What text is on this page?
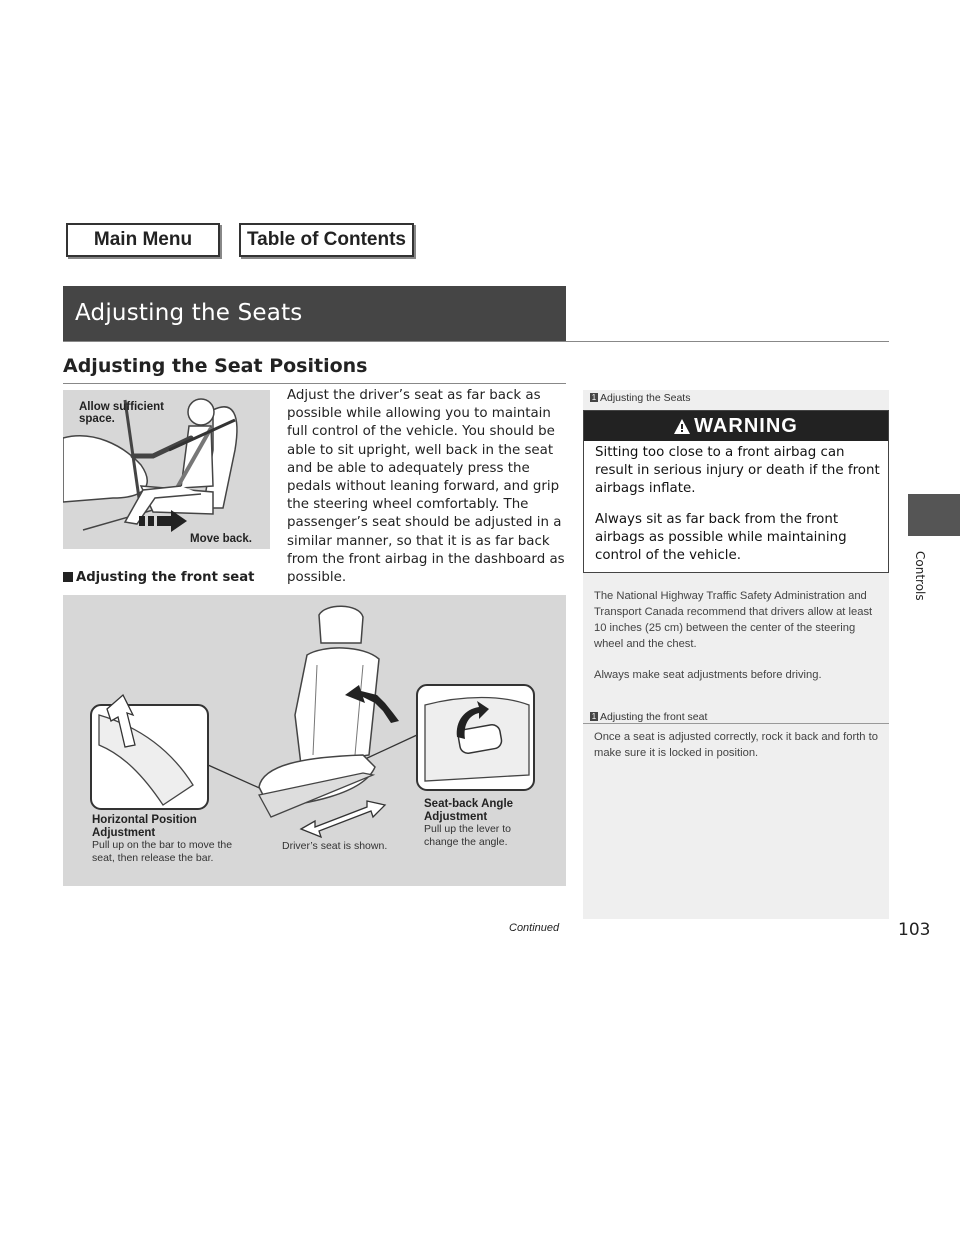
Main Menu	Table of Contents
Adjusting the Seats
Adjusting the Seat Positions
Allow sufficient
space.
Move back.
Adjust the driver’s seat as far back as possible while allowing you to maintain full control of the vehicle. You should be able to sit upright, well back in the seat and be able to adequately press the pedals without leaning forward, and grip the steering wheel comfortably. The passenger’s seat should be adjusted in a similar manner, so that it is as far back from the front airbag in the dashboard as possible.
Adjusting the front seat
Horizontal Position
Adjustment
Pull up on the bar to move the
seat, then release the bar.
Driver’s seat is shown.
Seat-back Angle
Adjustment
Pull up the lever to
change the angle.
1 Adjusting the Seats

The National Highway Traffic Safety Administration and Transport Canada recommend that drivers allow at least 10 inches (25 cm) between the center of the steering wheel and the chest.

Always make seat adjustments before driving.

1 Adjusting the front seat

Once a seat is adjusted correctly, rock it back and forth to make sure it is locked in position.

WARNING

Sitting too close to a front airbag can result in serious injury or death if the front airbags inflate.

Always sit as far back from the front airbags as possible while maintaining control of the vehicle.	Controls
Continued	103
